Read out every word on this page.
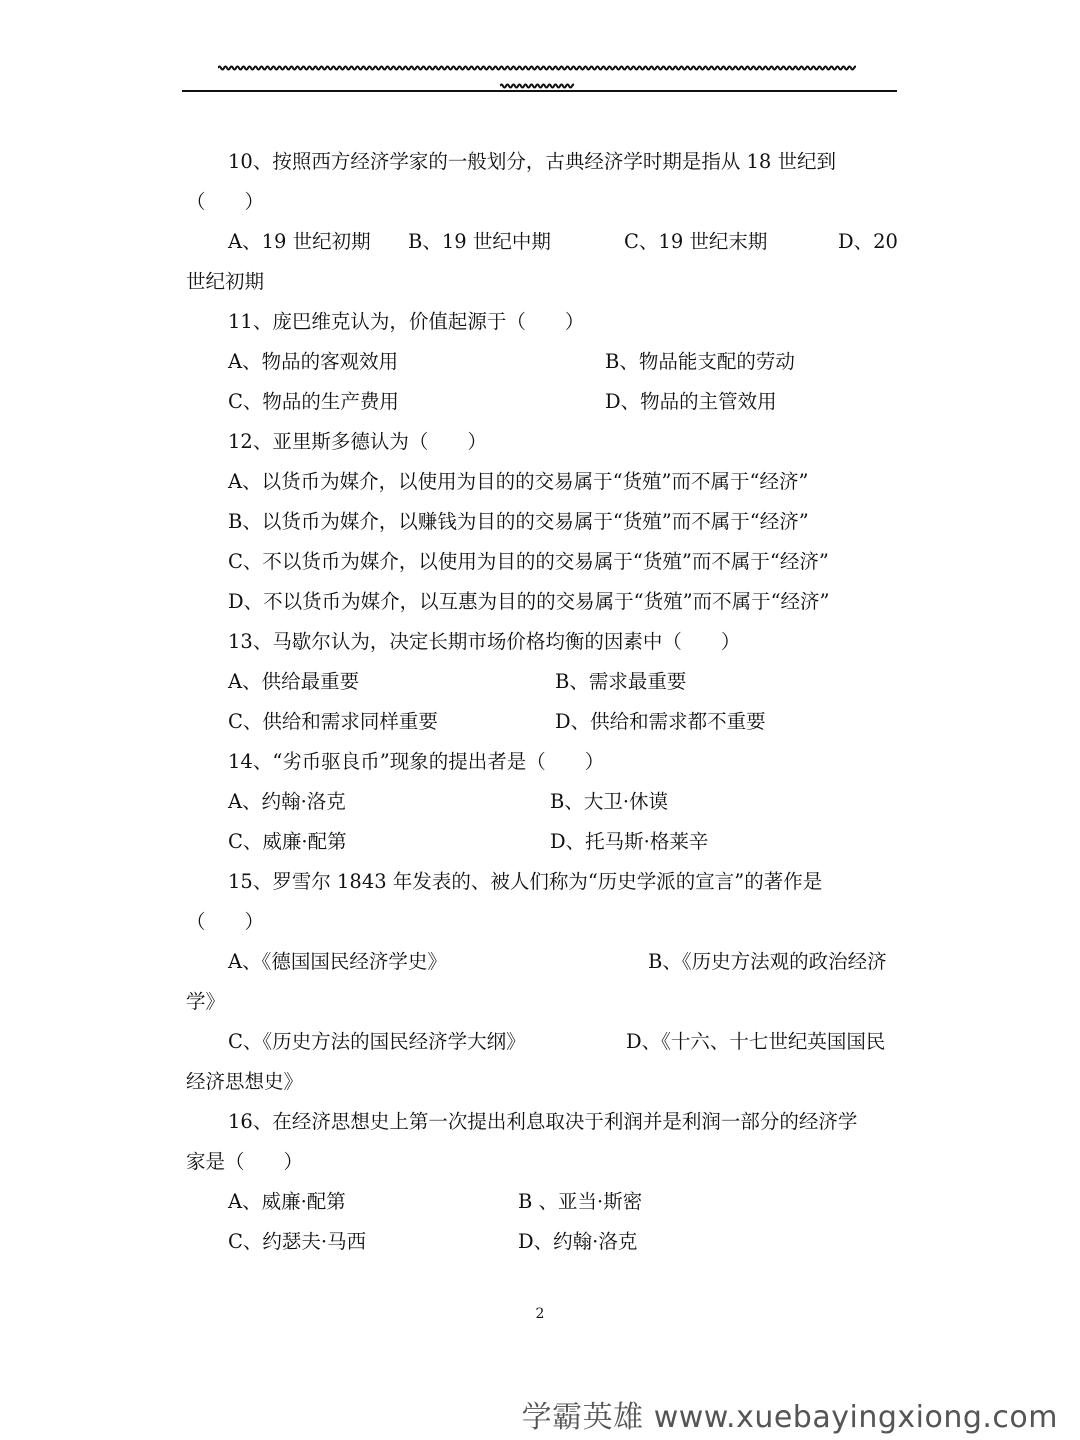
10、按照西方经济学家的一般划分，古典经济学时期是指从 18 世纪到
（　　）
A、19 世纪初期 B、19 世纪中期	C、19 世纪末期	D、20
世纪初期
11、庞巴维克认为，价值起源于（　　）
A、物品的客观效用	B、物品能支配的劳动
C、物品的生产费用	D、物品的主管效用
12、亚里斯多德认为（　　）
A、以货币为媒介，以使用为目的的交易属于“货殖”而不属于“经济”
B、以货币为媒介，以赚钱为目的的交易属于“货殖”而不属于“经济”
C、不以货币为媒介，以使用为目的的交易属于“货殖”而不属于“经济”
D、不以货币为媒介，以互惠为目的的交易属于“货殖”而不属于“经济”
13、马歇尔认为，决定长期市场价格均衡的因素中（　　）
A、供给最重要	B、需求最重要
C、供给和需求同样重要	D、供给和需求都不重要
14、“劣币驱良币”现象的提出者是（　　）
A、约翰·洛克	B、大卫·休谟
C、威廉·配第	D、托马斯·格莱辛
15、罗雪尔 1843 年发表的、被人们称为“历史学派的宣言”的著作是
（　　）
A、《德国国民经济学史》	B、《历史方法观的政治经济
学》
C、《历史方法的国民经济学大纲》	D、《十六、十七世纪英国国民
经济思想史》
16、在经济思想史上第一次提出利息取决于利润并是利润一部分的经济学
家是（　　）
A、威廉·配第	B 、亚当·斯密
C、约瑟夫·马西	D、约翰·洛克
2
学霸英雄 www.xuebayingxiong.com
